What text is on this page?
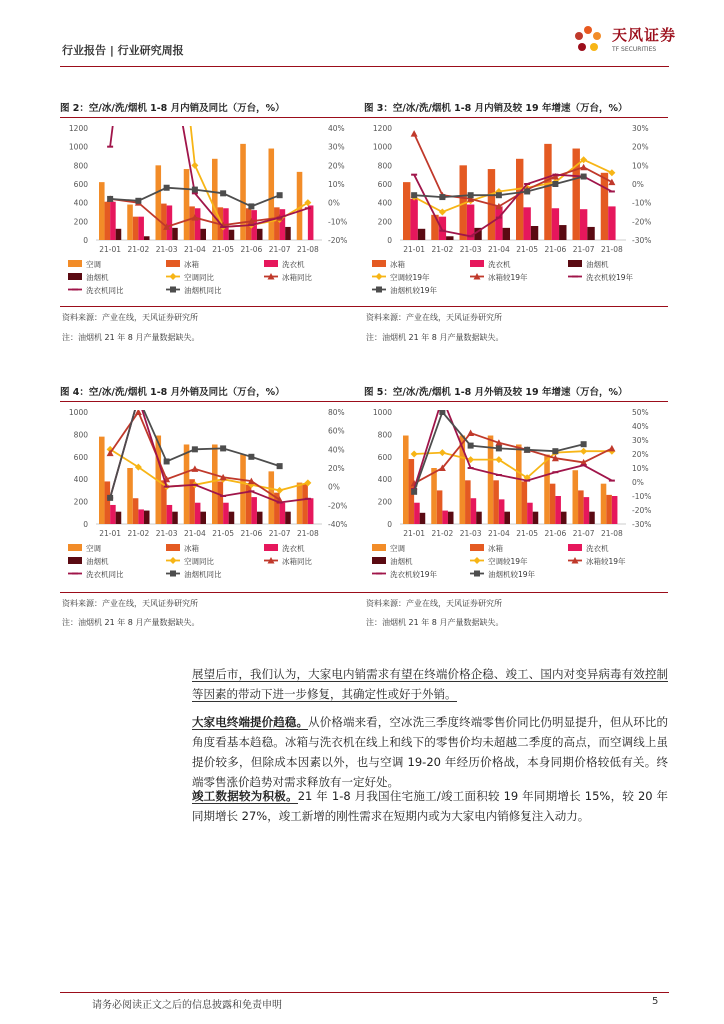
行业报告 | 行业研究周报
天风证券
TF SECURITIES
图 2：空/冰/洗/烟机 1-8 月内销及同比（万台，%）
0
200
400
600
800
1000
1200
-20%
-10%
0%
10%
20%
30%
40%
21-01 21-02 21-03 21-04 21-05 21-06 21-07 21-08
空调	冰箱	洗衣机
油烟机	空调同比	冰箱同比
洗衣机同比	油烟机同比
资料来源：产业在线，天风证券研究所
注：油烟机 21 年 8 月产量数据缺失。
图 3：空/冰/洗/烟机 1-8 月内销及较 19 年增速（万台，%）
0
200
400
600
800
1000
1200
-30%
-20%
-10%
0%
10%
20%
30%
21-01 21-02 21-03 21-04 21-05 21-06 21-07 21-08
冰箱	洗衣机	油烟机
空调较19年	冰箱较19年	洗衣机较19年
油烟机较19年
资料来源：产业在线，天风证券研究所
注：油烟机 21 年 8 月产量数据缺失。
图 4：空/冰/洗/烟机 1-8 月外销及同比（万台，%）
0
200
400
600
800
1000
-40%
-20%
0%
20%
40%
60%
80%
21-01 21-02 21-03 21-04 21-05 21-06 21-07 21-08
空调	冰箱	洗衣机
油烟机	空调同比	冰箱同比
洗衣机同比	油烟机同比
资料来源：产业在线，天风证券研究所
注：油烟机 21 年 8 月产量数据缺失。
图 5：空/冰/洗/烟机 1-8 月外销及较 19 年增速（万台，%）
0
200
400
600
800
1000
-30%
-20%
-10%
0%
10%
20%
30%
40%
50%
21-01 21-02 21-03 21-04 21-05 21-06 21-07 21-08
空调	冰箱	洗衣机
油烟机	空调较19年	冰箱较19年
洗衣机较19年	油烟机较19年
资料来源：产业在线，天风证券研究所
注：油烟机 21 年 8 月产量数据缺失。
展望后市，我们认为，大家电内销需求有望在终端价格企稳、竣工、国内对变异病毒有效控制等因素的带动下进一步修复，其确定性或好于外销。
大家电终端提价趋稳。从价格端来看，空冰洗三季度终端零售价同比仍明显提升，但从环比的角度看基本趋稳。冰箱与洗衣机在线上和线下的零售价均未超越二季度的高点，而空调线上虽提价较多，但除成本因素以外，也与空调 19-20 年经历价格战，本身同期价格较低有关。终端零售涨价趋势对需求释放有一定好处。
竣工数据较为积极。21 年 1-8 月我国住宅施工/竣工面积较 19 年同期增长 15%，较 20 年同期增长 27%，竣工新增的刚性需求在短期内或为大家电内销修复注入动力。
请务必阅读正文之后的信息披露和免责申明	5
